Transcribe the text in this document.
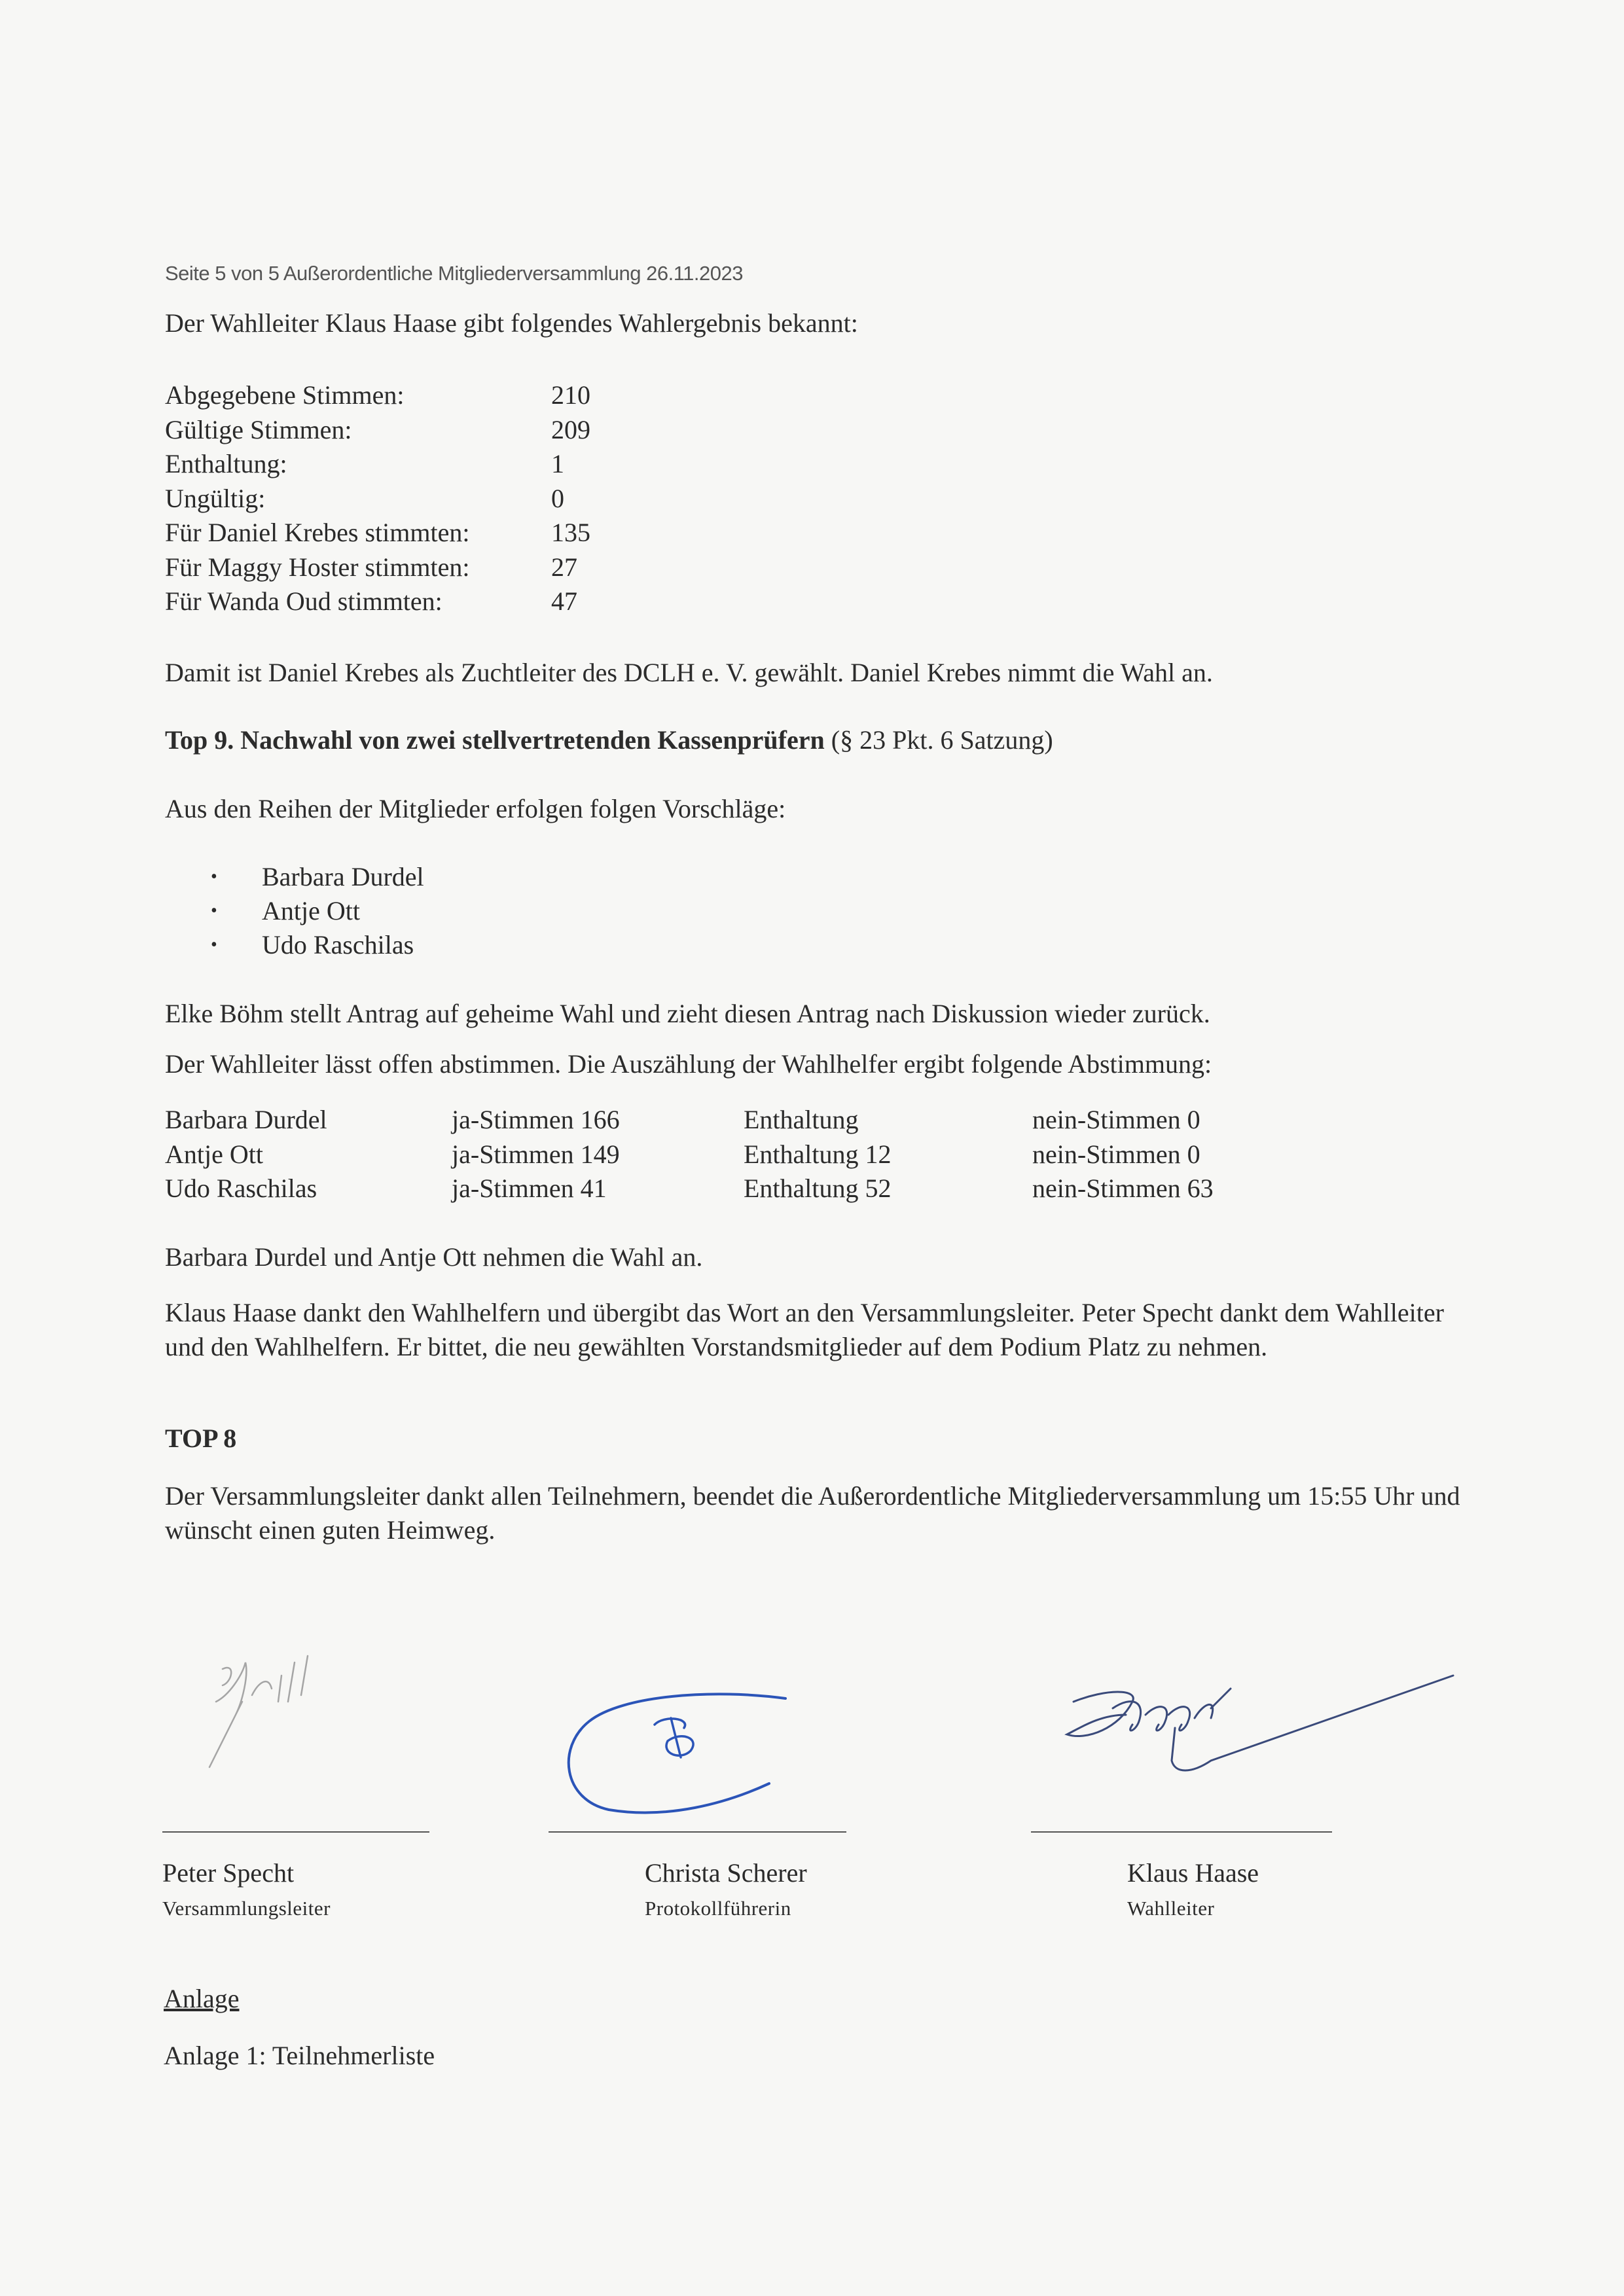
Seite 5 von 5 Außerordentliche Mitgliederversammlung 26.11.2023
Der Wahlleiter Klaus Haase gibt folgendes Wahlergebnis bekannt:
Abgegebene Stimmen:	210
Gültige Stimmen:	209
Enthaltung:	1
Ungültig:	0
Für Daniel Krebes stimmten:	135
Für Maggy Hoster stimmten:	27
Für Wanda Oud stimmten:	47
Damit ist Daniel Krebes als Zuchtleiter des DCLH e. V. gewählt. Daniel Krebes nimmt die Wahl an.
Top 9. Nachwahl von zwei stellvertretenden Kassenprüfern (§ 23 Pkt. 6 Satzung)
Aus den Reihen der Mitglieder erfolgen folgen Vorschläge:
• Barbara Durdel
• Antje Ott
• Udo Raschilas
Elke Böhm stellt Antrag auf geheime Wahl und zieht diesen Antrag nach Diskussion wieder zurück.
Der Wahlleiter lässt offen abstimmen. Die Auszählung der Wahlhelfer ergibt folgende Abstimmung:
Barbara Durdel	ja-Stimmen 166	Enthaltung	nein-Stimmen 0
Antje Ott	ja-Stimmen 149	Enthaltung 12	nein-Stimmen 0
Udo Raschilas	ja-Stimmen 41	Enthaltung 52	nein-Stimmen 63
Barbara Durdel und Antje Ott nehmen die Wahl an.
Klaus Haase dankt den Wahlhelfern und übergibt das Wort an den Versammlungsleiter. Peter Specht dankt dem Wahlleiter und den Wahlhelfern. Er bittet, die neu gewählten Vorstandsmitglieder auf dem Podium Platz zu nehmen.
TOP 8
Der Versammlungsleiter dankt allen Teilnehmern, beendet die Außerordentliche Mitgliederversammlung um 15:55 Uhr und wünscht einen guten Heimweg.
Peter Specht
Versammlungsleiter
Christa Scherer
Protokollführerin
Klaus Haase
Wahlleiter
Anlage
Anlage 1: Teilnehmerliste
